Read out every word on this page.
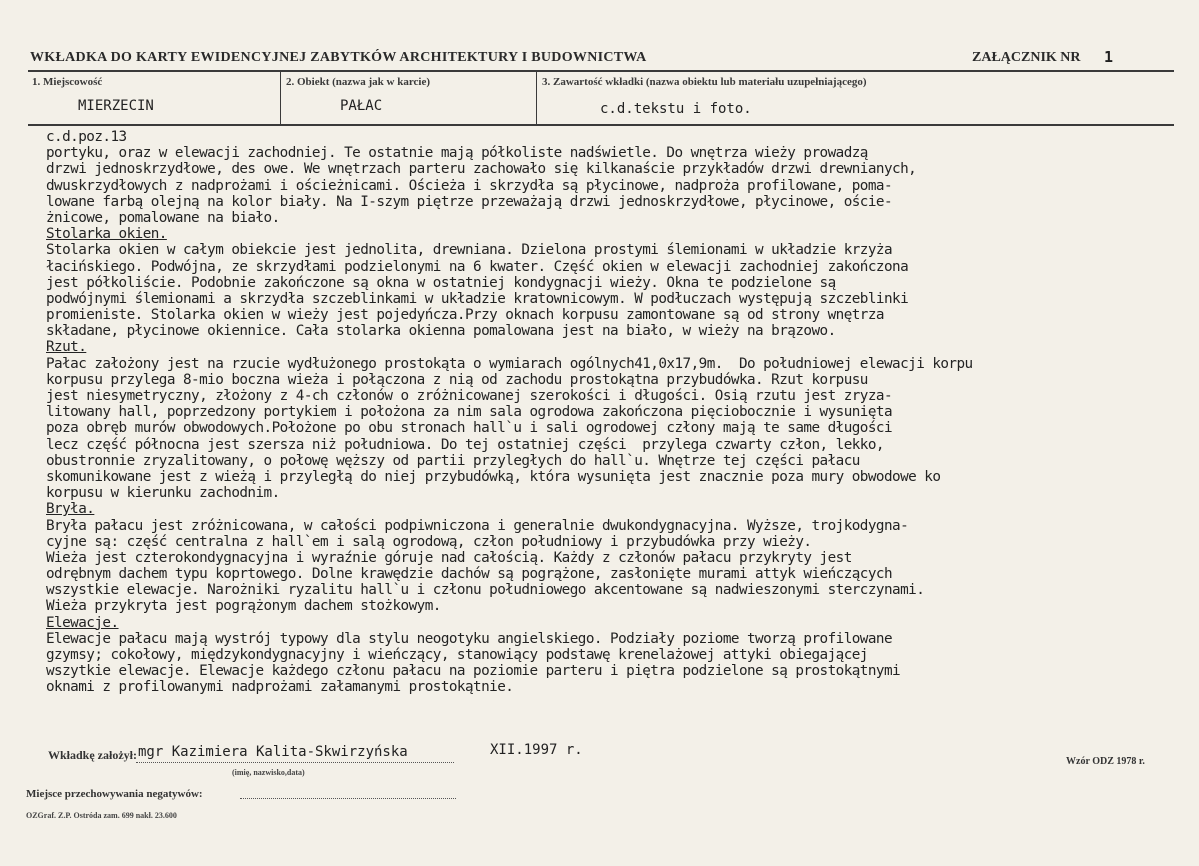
WKŁADKA DO KARTY EWIDENCYJNEJ ZABYTKÓW ARCHITEKTURY I BUDOWNICTWA	ZAŁĄCZNIK NR 1
1. Miejscowość
MIERZECIN
2. Obiekt (nazwa jak w karcie)
PAŁAC
3. Zawartość wkładki (nazwa obiektu lub materiału uzupełniającego)
c.d.tekstu i foto.
c.d.poz.13
portyku, oraz w elewacji zachodniej. Te ostatnie mają półkoliste nadświetle. Do wnętrza wieży prowadzą
drzwi jednoskrzydłowe, des owe. We wnętrzach parteru zachowało się kilkanaście przykładów drzwi drewnianych,
dwuskrzydłowych z nadprożami i ościeżnicami. Ościeża i skrzydła są płycinowe, nadproża profilowane, poma-
lowane farbą olejną na kolor biały. Na I-szym piętrze przeważają drzwi jednoskrzydłowe, płycinowe, oście-
żnicowe, pomalowane na biało.
Stolarka okien.
Stolarka okien w całym obiekcie jest jednolita, drewniana. Dzielona prostymi ślemionami w układzie krzyża
łacińskiego. Podwójna, ze skrzydłami podzielonymi na 6 kwater. Część okien w elewacji zachodniej zakończona
jest półkoliście. Podobnie zakończone są okna w ostatniej kondygnacji wieży. Okna te podzielone są
podwójnymi ślemionami a skrzydła szczeblinkami w układzie kratownicowym. W podłuczach występują szczeblinki
promieniste. Stolarka okien w wieży jest pojedyńcza.Przy oknach korpusu zamontowane są od strony wnętrza
składane, płycinowe okiennice. Cała stolarka okienna pomalowana jest na biało, w wieży na brązowo.
Rzut.
Pałac założony jest na rzucie wydłużonego prostokąta o wymiarach ogólnych41,0x17,9m.  Do południowej elewacji korpu
korpusu przylega 8-mio boczna wieża i połączona z nią od zachodu prostokątna przybudówka. Rzut korpusu
jest niesymetryczny, złożony z 4-ch członów o zróżnicowanej szerokości i długości. Osią rzutu jest zryza-
litowany hall, poprzedzony portykiem i położona za nim sala ogrodowa zakończona pięciobocznie i wysunięta
poza obręb murów obwodowych.Położone po obu stronach hall`u i sali ogrodowej człony mają te same długości
lecz część północna jest szersza niż południowa. Do tej ostatniej części  przylega czwarty człon, lekko,
obustronnie zryzalitowany, o połowę węższy od partii przyległych do hall`u. Wnętrze tej części pałacu
skomunikowane jest z wieżą i przyległą do niej przybudówką, która wysunięta jest znacznie poza mury obwodowe ko
korpusu w kierunku zachodnim.
Bryła.
Bryła pałacu jest zróżnicowana, w całości podpiwniczona i generalnie dwukondygnacyjna. Wyższe, trojkodygna-
cyjne są: część centralna z hall`em i salą ogrodową, człon południowy i przybudówka przy wieży.
Wieża jest czterokondygnacyjna i wyraźnie góruje nad całością. Każdy z członów pałacu przykryty jest
odrębnym dachem typu koprtowego. Dolne krawędzie dachów są pogrążone, zasłonięte murami attyk wieńczących
wszystkie elewacje. Narożniki ryzalitu hall`u i członu południowego akcentowane są nadwieszonymi sterczynami.
Wieża przykryta jest pogrążonym dachem stożkowym.
Elewacje.
Elewacje pałacu mają wystrój typowy dla stylu neogotyku angielskiego. Podziały poziome tworzą profilowane
gzymsy; cokołowy, międzykondygnacyjny i wieńczący, stanowiący podstawę krenelażowej attyki obiegającej
wszytkie elewacje. Elewacje każdego członu pałacu na poziomie parteru i piętra podzielone są prostokątnymi
oknami z profilowanymi nadprożami załamanymi prostokątnie.
Wkładkę założył: mgr Kazimiera Kalita-Skwirzyńska	XII.1997 r.
(imię, nazwisko,data)
Wzór ODZ 1978 r.
Miejsce przechowywania negatywów:
OZGraf. Z.P. Ostróda zam. 699 nakł. 23.600
